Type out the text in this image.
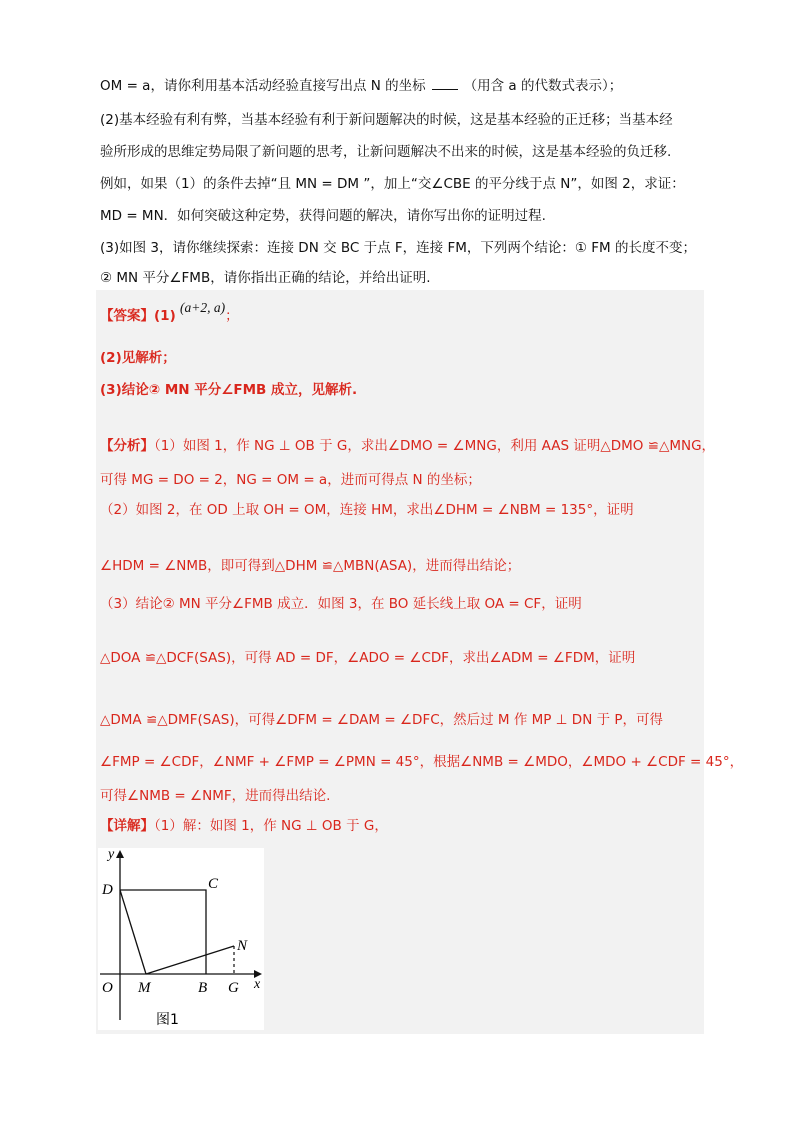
OM = a，请你利用基本活动经验直接写出点 N 的坐标	（用含 a 的代数式表示）；
(2)基本经验有利有弊，当基本经验有利于新问题解决的时候，这是基本经验的正迁移；当基本经
验所形成的思维定势局限了新问题的思考，让新问题解决不出来的时候，这是基本经验的负迁移.
例如，如果（1）的条件去掉“且 MN = DM ”，加上“交∠CBE 的平分线于点 N”，如图 2，求证：
MD = MN．如何突破这种定势，获得问题的解决，请你写出你的证明过程.
(3)如图 3，请你继续探索：连接 DN 交 BC 于点 F，连接 FM，下列两个结论：① FM 的长度不变；
② MN 平分∠FMB，请你指出正确的结论，并给出证明.
【答案】(1) (a+2, a)；
(2)见解析；
(3)结论② MN 平分∠FMB 成立，见解析.
【分析】（1）如图 1，作 NG ⊥ OB 于 G，求出∠DMO = ∠MNG，利用 AAS 证明△DMO ≌△MNG，
可得 MG = DO = 2，NG = OM = a，进而可得点 N 的坐标；
（2）如图 2，在 OD 上取 OH = OM，连接 HM，求出∠DHM = ∠NBM = 135°，证明
∠HDM = ∠NMB，即可得到△DHM ≌△MBN(ASA)，进而得出结论；
（3）结论② MN 平分∠FMB 成立．如图 3，在 BO 延长线上取 OA = CF，证明
△DOA ≌△DCF(SAS)，可得 AD = DF，∠ADO = ∠CDF，求出∠ADM = ∠FDM，证明
△DMA ≌△DMF(SAS)，可得∠DFM = ∠DAM = ∠DFC，然后过 M 作 MP ⊥ DN 于 P，可得
∠FMP = ∠CDF，∠NMF + ∠FMP = ∠PMN = 45°，根据∠NMB = ∠MDO，∠MDO + ∠CDF = 45°，
可得∠NMB = ∠NMF，进而得出结论.
【详解】（1）解：如图 1，作 NG ⊥ OB 于 G，
y
x
D	C
N
O M	B G
图1
